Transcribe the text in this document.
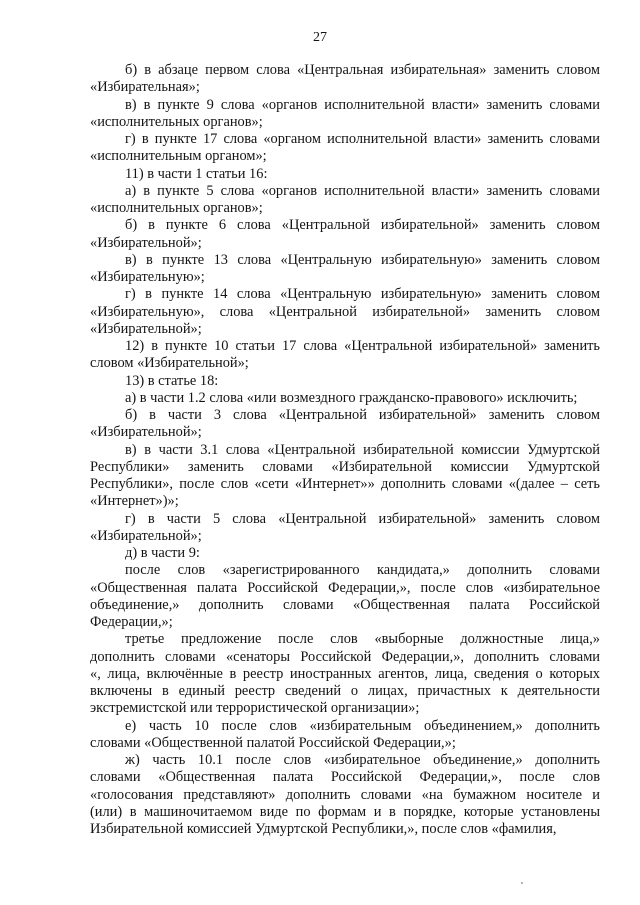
27
б) в абзаце первом слова «Центральная избирательная» заменить словом
«Избирательная»;
в) в пункте 9 слова «органов исполнительной власти» заменить словами
«исполнительных органов»;
г) в пункте 17 слова «органом исполнительной власти» заменить словами
«исполнительным органом»;
11) в части 1 статьи 16:
а) в пункте 5 слова «органов исполнительной власти» заменить словами
«исполнительных органов»;
б) в пункте 6 слова «Центральной избирательной» заменить словом
«Избирательной»;
в) в пункте 13 слова «Центральную избирательную» заменить словом
«Избирательную»;
г) в пункте 14 слова «Центральную избирательную» заменить словом
«Избирательную», слова «Центральной избирательной» заменить словом
«Избирательной»;
12) в пункте 10 статьи 17 слова «Центральной избирательной» заменить
словом «Избирательной»;
13) в статье 18:
а) в части 1.2 слова «или возмездного гражданско-правового» исключить;
б) в части 3 слова «Центральной избирательной» заменить словом
«Избирательной»;
в) в части 3.1 слова «Центральной избирательной комиссии Удмуртской
Республики» заменить словами «Избирательной комиссии Удмуртской
Республики», после слов «сети «Интернет»» дополнить словами «(далее – сеть
«Интернет»)»;
г) в части 5 слова «Центральной избирательной» заменить словом
«Избирательной»;
д) в части 9:
после слов «зарегистрированного кандидата,» дополнить словами
«Общественная палата Российской Федерации,», после слов «избирательное
объединение,» дополнить словами «Общественная палата Российской
Федерации,»;
третье предложение после слов «выборные должностные лица,»
дополнить словами «сенаторы Российской Федерации,», дополнить словами
«, лица, включённые в реестр иностранных агентов, лица, сведения о которых
включены в единый реестр сведений о лицах, причастных к деятельности
экстремистской или террористической организации»;
е) часть 10 после слов «избирательным объединением,» дополнить
словами «Общественной палатой Российской Федерации,»;
ж) часть 10.1 после слов «избирательное объединение,» дополнить
словами «Общественная палата Российской Федерации,», после слов
«голосования представляют» дополнить словами «на бумажном носителе и
(или) в машиночитаемом виде по формам и в порядке, которые установлены
Избирательной комиссией Удмуртской Республики,», после слов «фамилия,
